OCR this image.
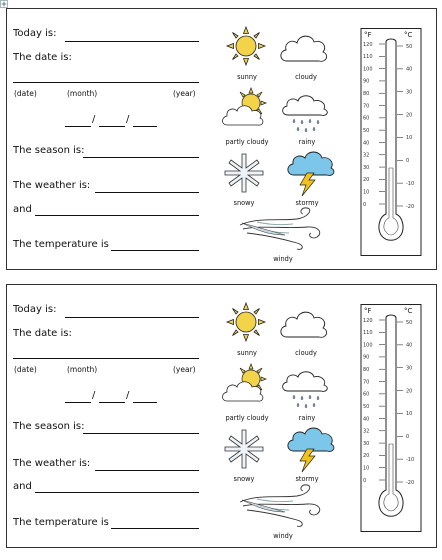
Today is:
The date is:
(date)	(month)	(year)
/	/
The season is:
The weather is:
and
The temperature is
sunny	cloudy
partly cloudy	rainy
snowy	stormy
windy
°F	°C
120
110
100
90
80
70
60
50
40
32
30
20
10
0
50
40
30
20
10
0
-10
-20
Today is:
The date is:
(date)	(month)	(year)
/	/
The season is:
The weather is:
and
The temperature is
sunny	cloudy
partly cloudy	rainy
snowy	stormy
windy
°F	°C
120
110
100
90
80
70
60
50
40
32
30
20
10
0
50
40
30
20
10
0
-10
-20
